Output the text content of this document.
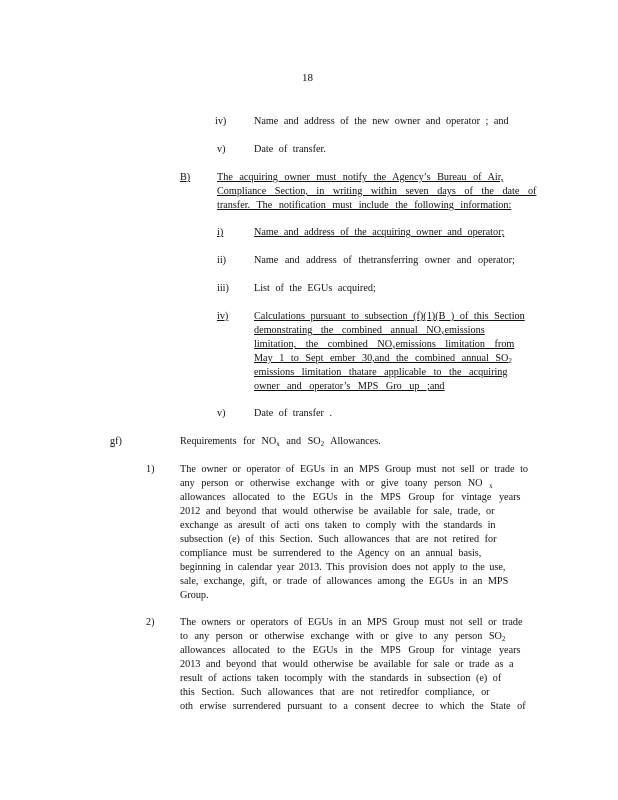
18
iv)	Name and address of the new owner and operator ; and
v)	Date of transfer.
B)	The acquiring owner must notify the Agency’s Bureau of Air,
Compliance Section, in writing within seven days of the date of
transfer. The notification must include the following information:
i)	Name and address of the acquiring owner and operator;
ii)	Name and address of thetransferring owner and operator;
iii) List of the EGUs acquired;
iv)	Calculations pursuant to subsection (f)(1)(B ) of this Section
demonstrating the combined annual $NO_xemissions$
limitation, the combined $NO_xemissions$ limitation from
May 1 to Sept ember 30,and the combined annual $SO_2$
emissions limitation thatare applicable to the acquiring
owner and operator’s MPS Gro up ;and
v)	Date of transfer .
g̲f)	Requirements for $NO_x$ and $SO_2$ Allowances.
1)	The owner or operator of EGUs in an MPS Group must not sell or trade to
any person or otherwise exchange with or give toany person NO $_x$
allowances allocated to the EGUs in the MPS Group for vintage years
2012 and beyond that would otherwise be available for sale, trade, or
exchange as aresult of acti ons taken to comply with the standards in
subsection (e) of this Section. Such allowances that are not retired for
compliance must be surrendered to the Agency on an annual basis,
beginning in calendar year 2013. This provision does not apply to the use,
sale, exchange, gift, or trade of allowances among the EGUs in an MPS
Group.
2)	The owners or operators of EGUs in an MPS Group must not sell or trade
to any person or otherwise exchange with or give to any person $SO_2$
allowances allocated to the EGUs in the MPS Group for vintage years
2013 and beyond that would otherwise be available for sale or trade as a
result of actions taken tocomply with the standards in subsection (e) of
this Section. Such allowances that are not retiredfor compliance, or
oth erwise surrendered pursuant to a consent decree to which the State of
